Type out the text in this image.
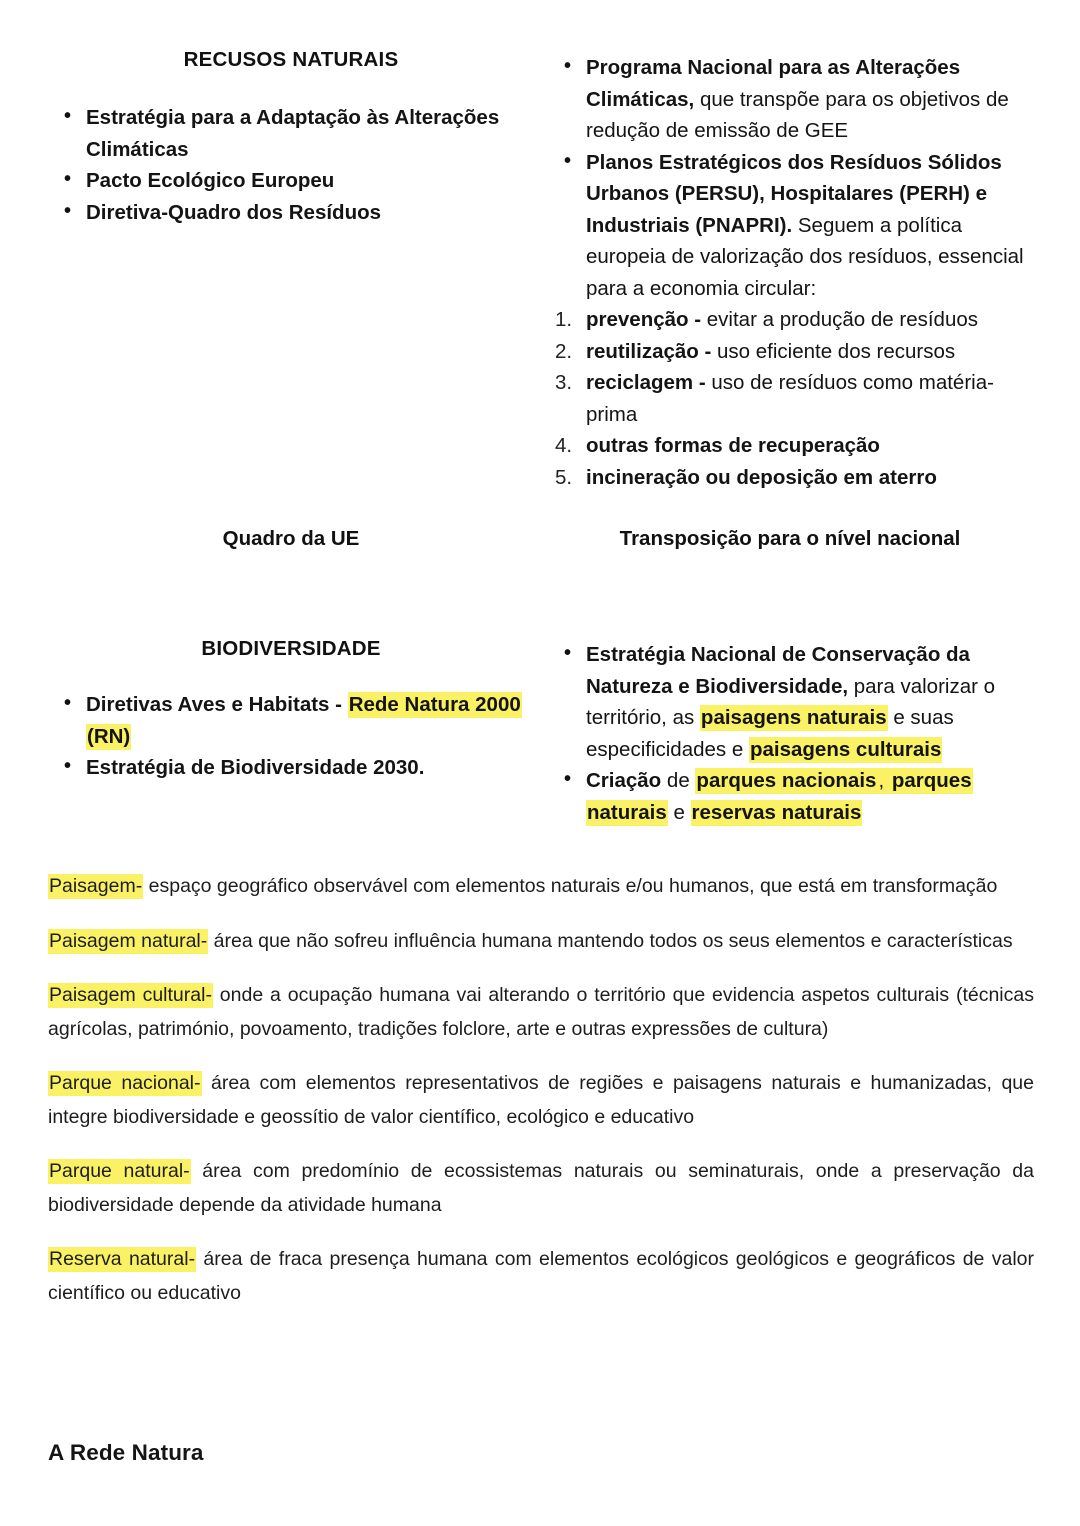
RECUSOS NATURAIS
• Estratégia para a Adaptação às Alterações Climáticas
• Pacto Ecológico Europeu
• Diretiva-Quadro dos Resíduos
• Programa Nacional para as Alterações Climáticas, que transpõe para os objetivos de redução de emissão de GEE
• Planos Estratégicos dos Resíduos Sólidos Urbanos (PERSU), Hospitalares (PERH) e Industriais (PNAPRI). Seguem a política europeia de valorização dos resíduos, essencial para a economia circular:
prevenção - evitar a produção de resíduos
reutilização - uso eficiente dos recursos
reciclagem - uso de resíduos como matéria-prima
outras formas de recuperação
incineração ou deposição em aterro
Quadro da UE	Transposição para o nível nacional
BIODIVERSIDADE
• Diretivas Aves e Habitats - Rede Natura 2000 (RN)
• Estratégia de Biodiversidade 2030.
• Estratégia Nacional de Conservação da Natureza e Biodiversidade, para valorizar o território, as paisagens naturais e suas especificidades e paisagens culturais
• Criação de parques nacionais, parques naturais e reservas naturais

Paisagem- espaço geográfico observável com elementos naturais e/ou humanos, que está em transformação

Paisagem natural- área que não sofreu influência humana mantendo todos os seus elementos e características

Paisagem cultural- onde a ocupação humana vai alterando o território que evidencia aspetos culturais (técnicas agrícolas, património, povoamento, tradições folclore, arte e outras expressões de cultura)

Parque nacional- área com elementos representativos de regiões e paisagens naturais e humanizadas, que integre biodiversidade e geossítio de valor científico, ecológico e educativo

Parque natural- área com predomínio de ecossistemas naturais ou seminaturais, onde a preservação da biodiversidade depende da atividade humana

Reserva natural- área de fraca presença humana com elementos ecológicos geológicos e geográficos de valor científico ou educativo

A Rede Natura
